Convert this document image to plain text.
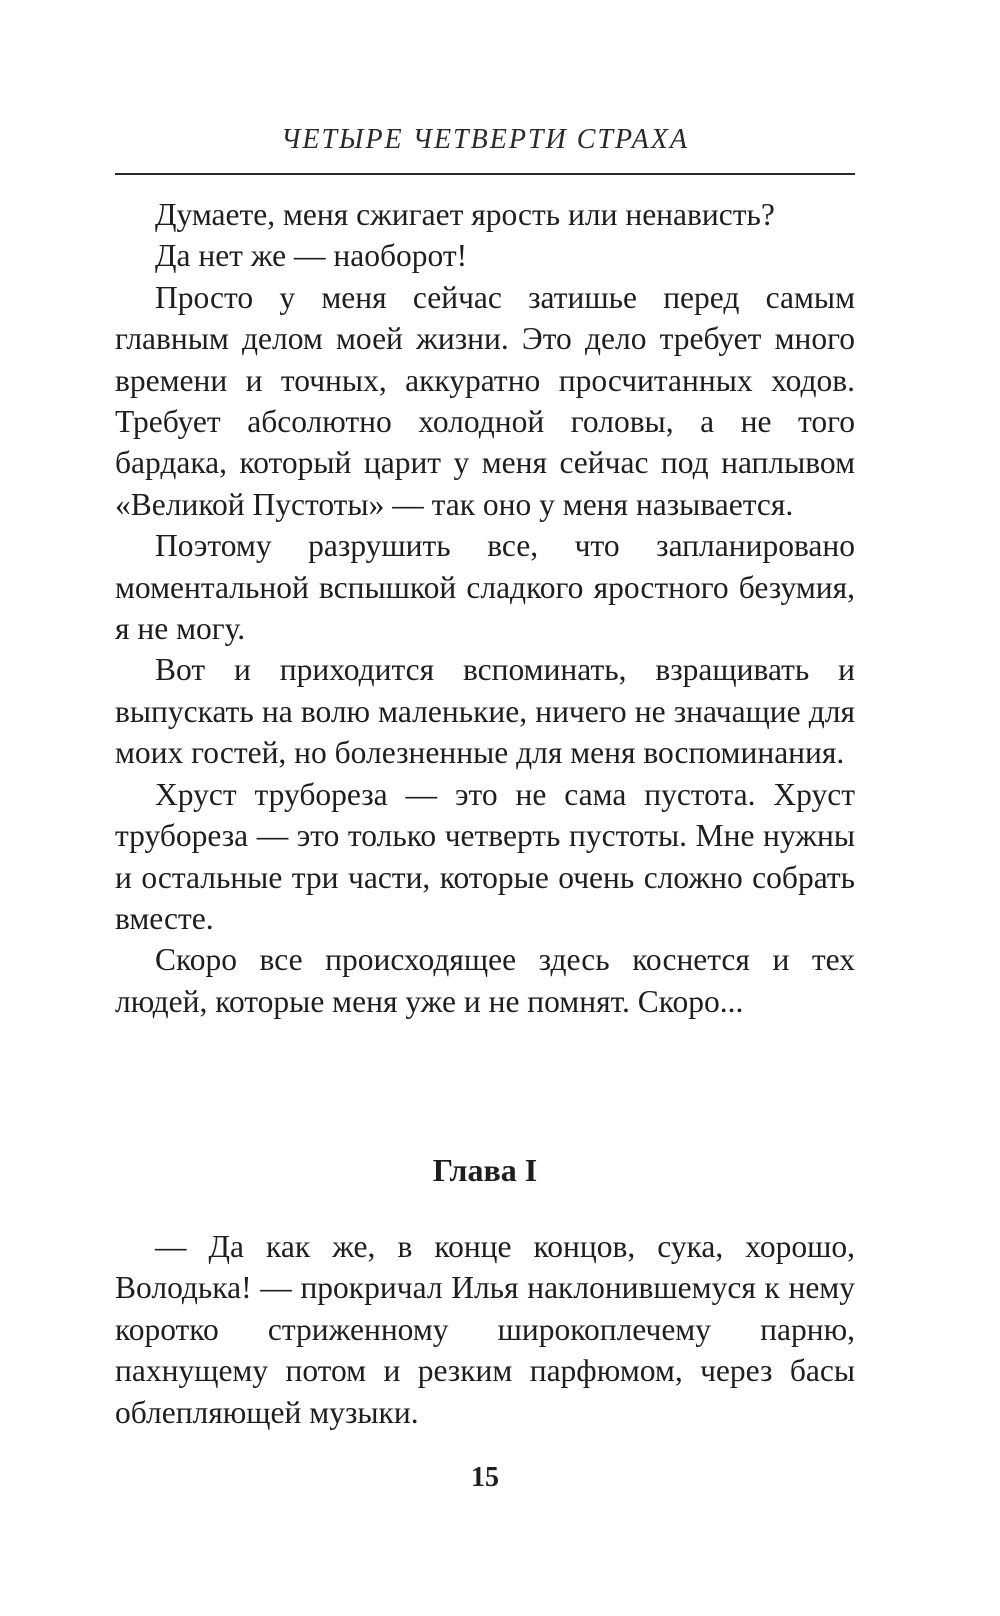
ЧЕТЫРЕ ЧЕТВЕРТИ СТРАХА

Думаете, меня сжигает ярость или ненависть?

Да нет же — наоборот!

Просто у меня сейчас затишье перед самым главным делом моей жизни. Это дело требует много времени и точных, аккуратно просчитанных ходов. Требует абсолютно холодной головы, а не того бардака, который царит у меня сейчас под наплывом «Великой Пустоты» — так оно у меня называется.

Поэтому разрушить все, что запланировано моментальной вспышкой сладкого яростного безумия, я не могу.

Вот и приходится вспоминать, взращивать и выпускать на волю маленькие, ничего не значащие для моих гостей, но болезненные для меня воспоминания.

Хруст трубореза — это не сама пустота. Хруст трубореза — это только четверть пустоты. Мне нужны и остальные три части, которые очень сложно собрать вместе.

Скоро все происходящее здесь коснется и тех людей, которые меня уже и не помнят. Скоро...

Глава I

— Да как же, в конце концов, сука, хорошо, Володька! — прокричал Илья наклонившемуся к нему коротко стриженному широкоплечему парню, пахнущему потом и резким парфюмом, через басы облепляющей музыки.

15
